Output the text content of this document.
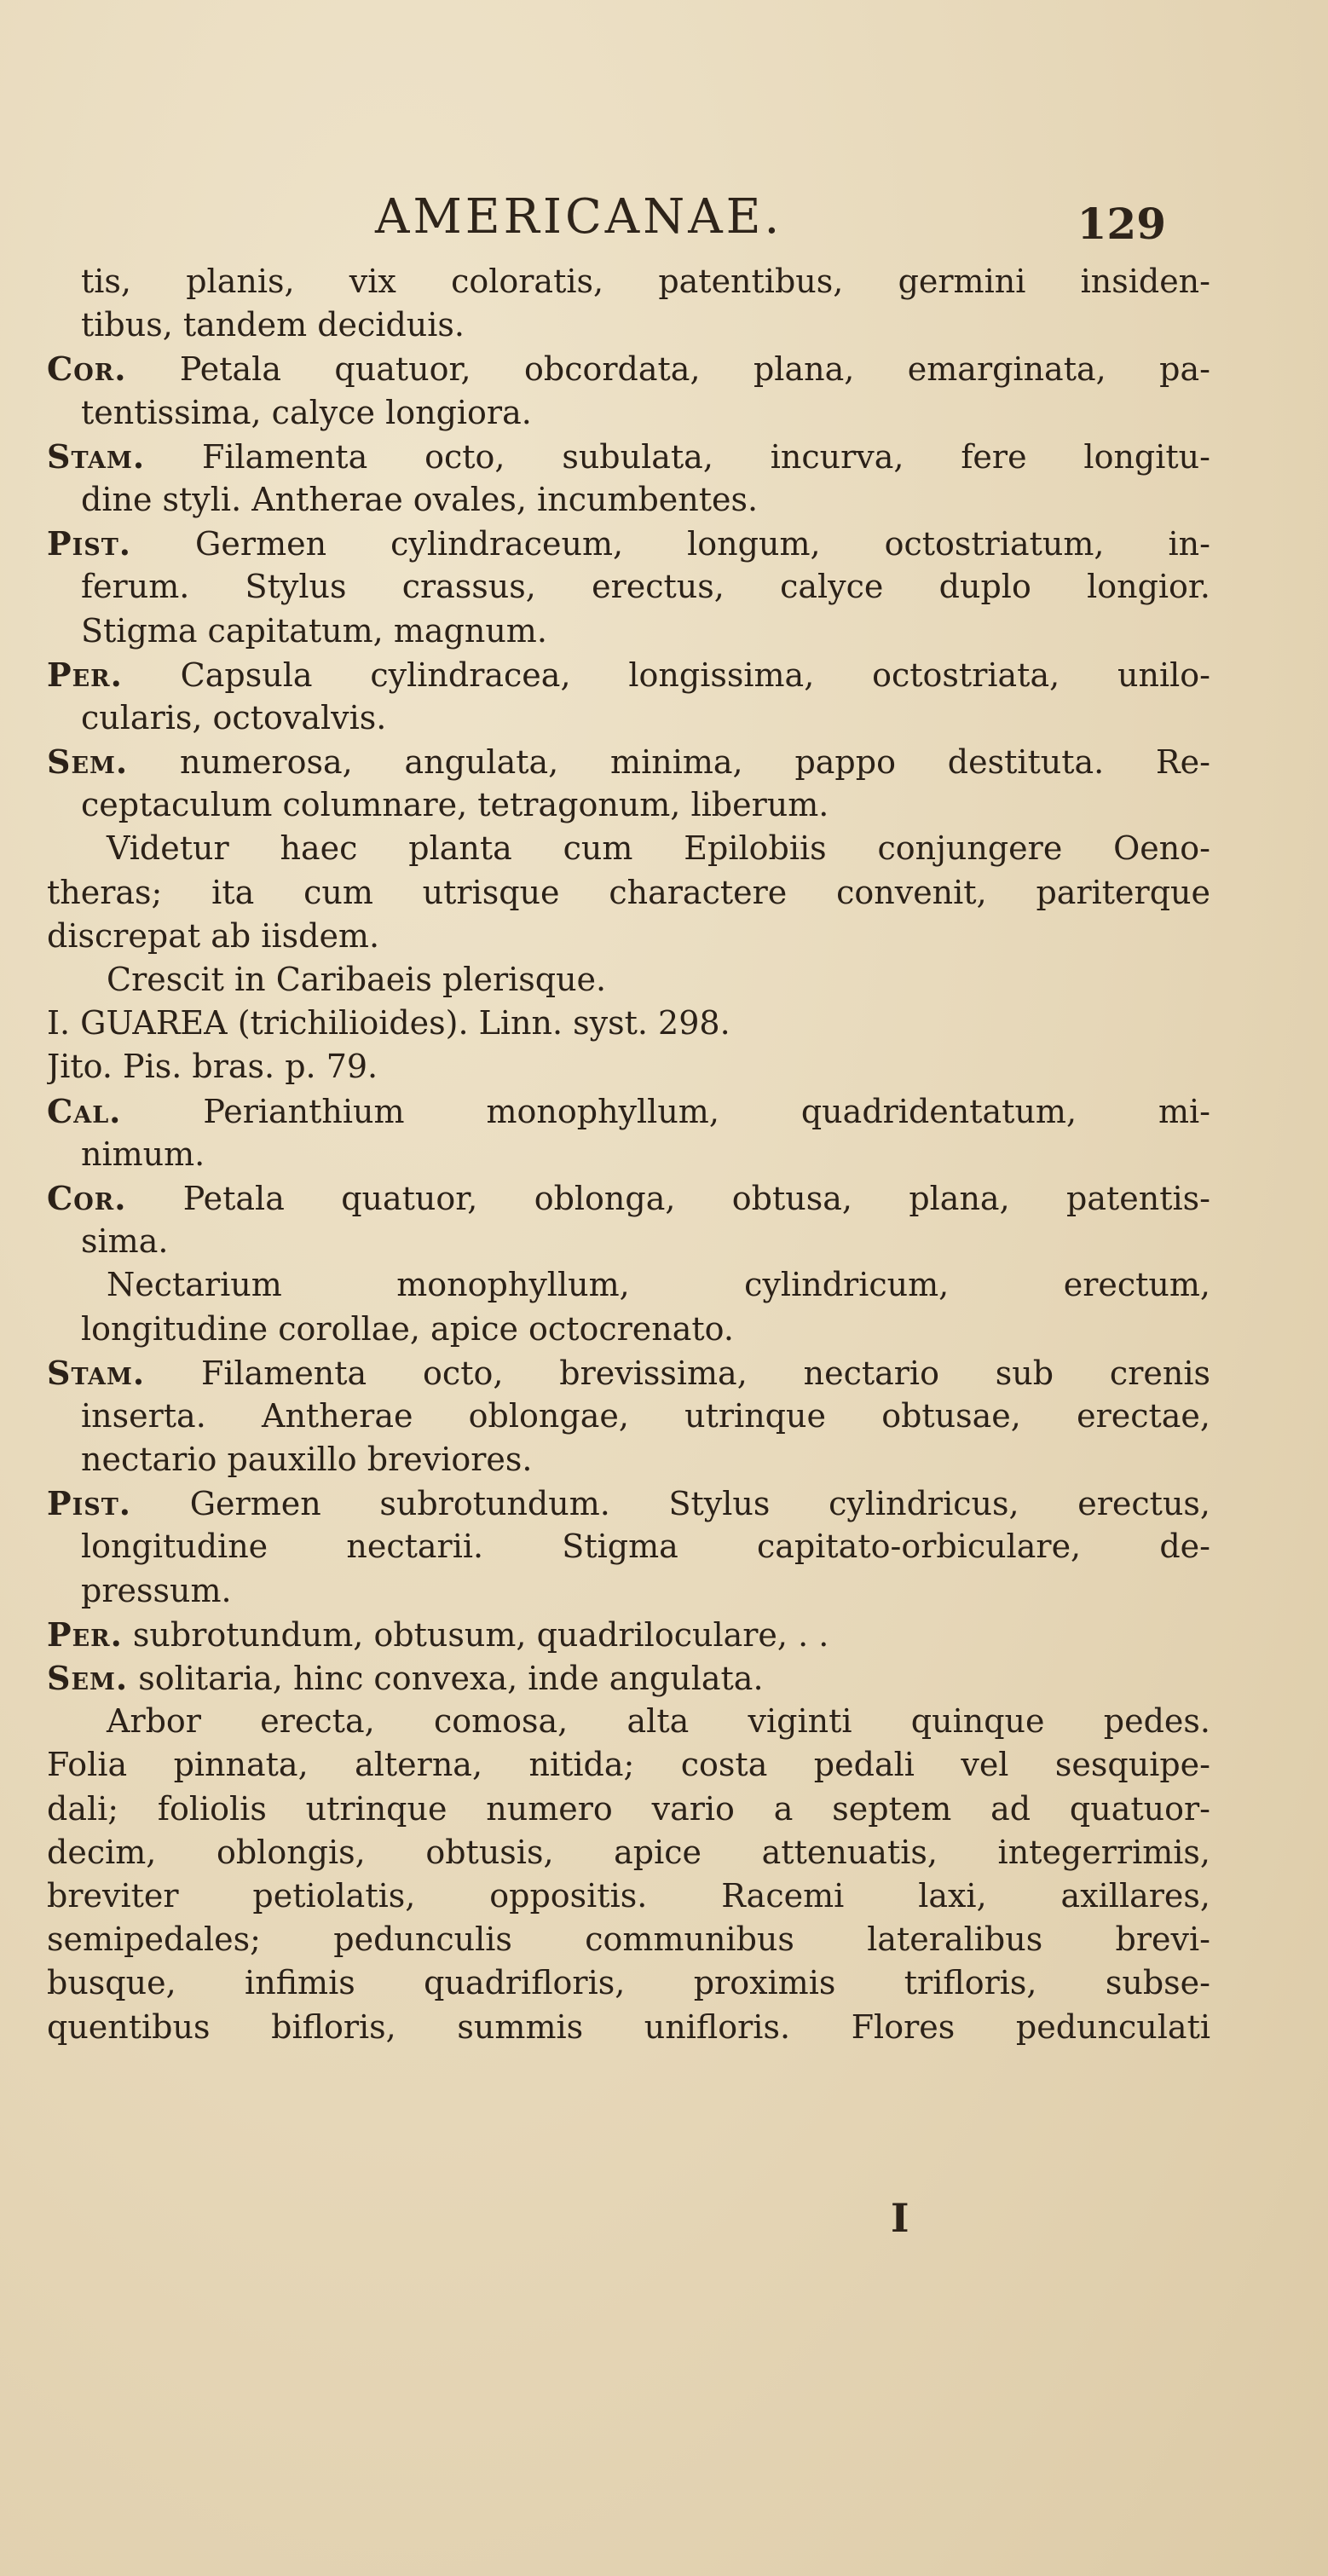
AMERICANAE.	129
tis, planis, vix coloratis, patentibus, germini insiden-
tibus, tandem deciduis.
Cor. Petala quatuor, obcordata, plana, emarginata, pa-
tentissima, calyce longiora.
Stam. Filamenta octo, subulata, incurva, fere longitu-
dine styli. Antherae ovales, incumbentes.
Pist. Germen cylindraceum, longum, octostriatum, in-
ferum. Stylus crassus, erectus, calyce duplo longior.
Stigma capitatum, magnum.
Per. Capsula cylindracea, longissima, octostriata, unilo-
cularis, octovalvis.
Sem. numerosa, angulata, minima, pappo destituta. Re-
ceptaculum columnare, tetragonum, liberum.
Videtur haec planta cum Epilobiis conjungere Oeno-
theras; ita cum utrisque charactere convenit, pariterque
discrepat ab iisdem.
Crescit in Caribaeis plerisque.
I. GUAREA (trichilioides). Linn. syst. 298.
Jito. Pis. bras. p. 79.
Cal. Perianthium monophyllum, quadridentatum, mi-
nimum.
Cor. Petala quatuor, oblonga, obtusa, plana, patentis-
sima.
Nectarium monophyllum, cylindricum, erectum,
longitudine corollae, apice octocrenato.
Stam. Filamenta octo, brevissima, nectario sub crenis
inserta. Antherae oblongae, utrinque obtusae, erectae,
nectario pauxillo breviores.
Pist. Germen subrotundum. Stylus cylindricus, erectus,
longitudine nectarii. Stigma capitato-orbiculare, de-
pressum.
Per. subrotundum, obtusum, quadriloculare, . .
Sem. solitaria, hinc convexa, inde angulata.
Arbor erecta, comosa, alta viginti quinque pedes.
Folia pinnata, alterna, nitida; costa pedali vel sesquipe-
dali; foliolis utrinque numero vario a septem ad quatuor-
decim, oblongis, obtusis, apice attenuatis, integerrimis,
breviter petiolatis, oppositis. Racemi laxi, axillares,
semipedales; pedunculis communibus lateralibus brevi-
busque, infimis quadrifloris, proximis trifloris, subse-
quentibus bifloris, summis unifloris. Flores pedunculati
I
